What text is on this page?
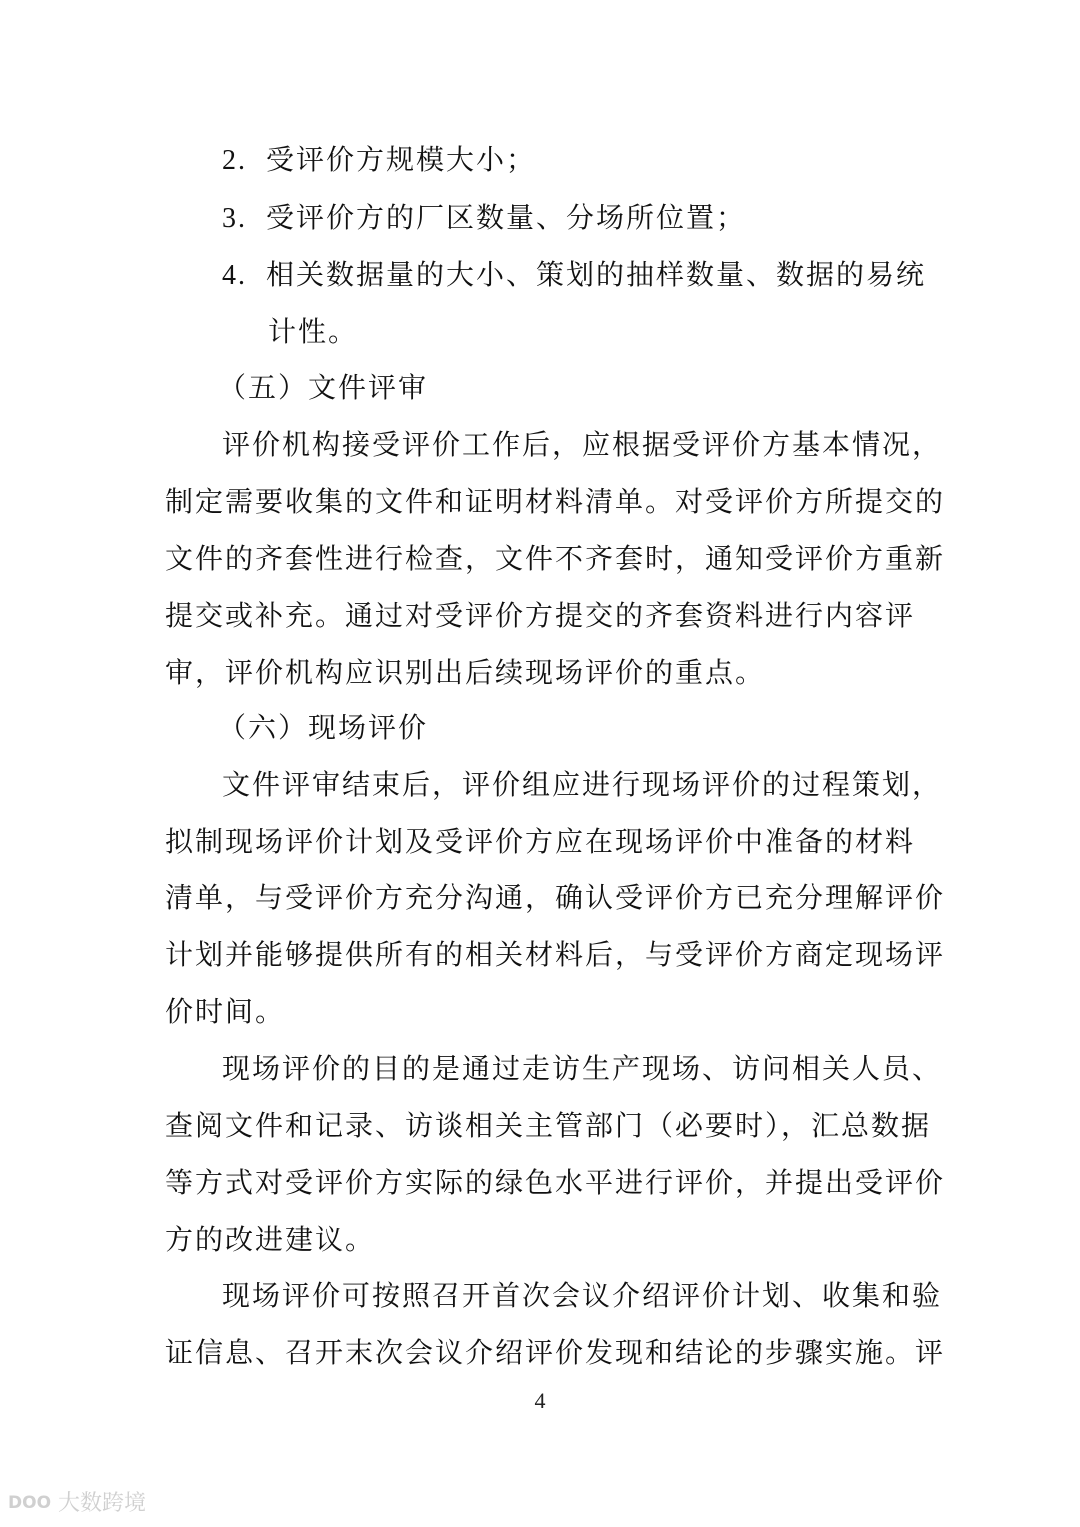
2. 受评价方规模大小；
3. 受评价方的厂区数量、分场所位置；
4. 相关数据量的大小、策划的抽样数量、数据的易统
计性。
（五）文件评审
评价机构接受评价工作后，应根据受评价方基本情况，
制定需要收集的文件和证明材料清单。对受评价方所提交的
文件的齐套性进行检查，文件不齐套时，通知受评价方重新
提交或补充。通过对受评价方提交的齐套资料进行内容评
审，评价机构应识别出后续现场评价的重点。
（六）现场评价
文件评审结束后，评价组应进行现场评价的过程策划，
拟制现场评价计划及受评价方应在现场评价中准备的材料
清单，与受评价方充分沟通，确认受评价方已充分理解评价
计划并能够提供所有的相关材料后，与受评价方商定现场评
价时间。
现场评价的目的是通过走访生产现场、访问相关人员、
查阅文件和记录、访谈相关主管部门（必要时），汇总数据
等方式对受评价方实际的绿色水平进行评价，并提出受评价
方的改进建议。
现场评价可按照召开首次会议介绍评价计划、收集和验
证信息、召开末次会议介绍评价发现和结论的步骤实施。评
4
DOO 大数跨境
